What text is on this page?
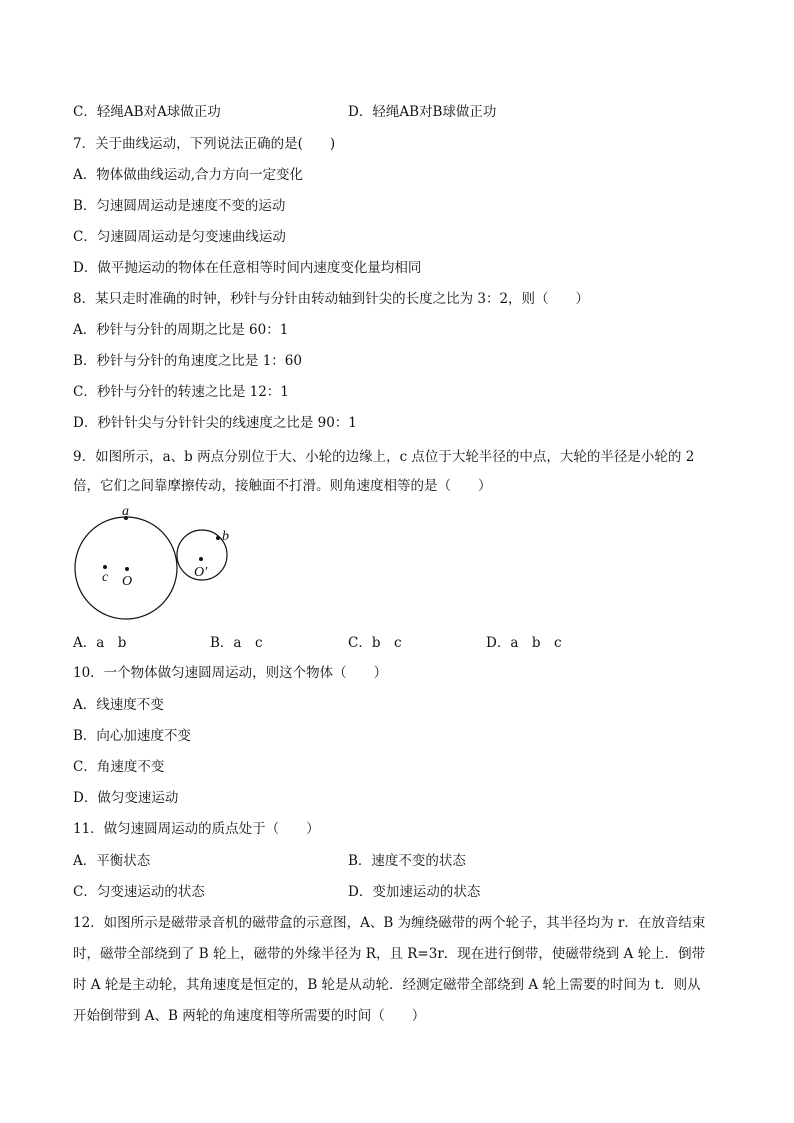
C．轻绳AB对A球做正功	D．轻绳AB对B球做正功
7．关于曲线运动，下列说法正确的是(　　)
A．物体做曲线运动,合力方向一定变化
B．匀速圆周运动是速度不变的运动
C．匀速圆周运动是匀变速曲线运动
D．做平抛运动的物体在任意相等时间内速度变化量均相同
8．某只走时准确的时钟，秒针与分针由转动轴到针尖的长度之比为 3：2，则（　　）
A．秒针与分针的周期之比是 60：1
B．秒针与分针的角速度之比是 1：60
C．秒针与分针的转速之比是 12：1
D．秒针针尖与分针针尖的线速度之比是 90：1
9．如图所示，a、b 两点分别位于大、小轮的边缘上，c 点位于大轮半径的中点，大轮的半径是小轮的 2
倍，它们之间靠摩擦传动，接触面不打滑。则角速度相等的是（　　）
a
b
c O
O′
A．a　b	B．a　c	C．b　c	D．a　b　c
10．一个物体做匀速圆周运动，则这个物体（　　）
A．线速度不变
B．向心加速度不变
C．角速度不变
D．做匀变速运动
11．做匀速圆周运动的质点处于（　　）
A．平衡状态	B．速度不变的状态
C．匀变速运动的状态	D．变加速运动的状态
12．如图所示是磁带录音机的磁带盒的示意图，A、B 为缠绕磁带的两个轮子，其半径均为 r．在放音结束
时，磁带全部绕到了 B 轮上，磁带的外缘半径为 R，且 R=3r．现在进行倒带，使磁带绕到 A 轮上．倒带
时 A 轮是主动轮，其角速度是恒定的，B 轮是从动轮．经测定磁带全部绕到 A 轮上需要的时间为 t．则从
开始倒带到 A、B 两轮的角速度相等所需要的时间（　　）
